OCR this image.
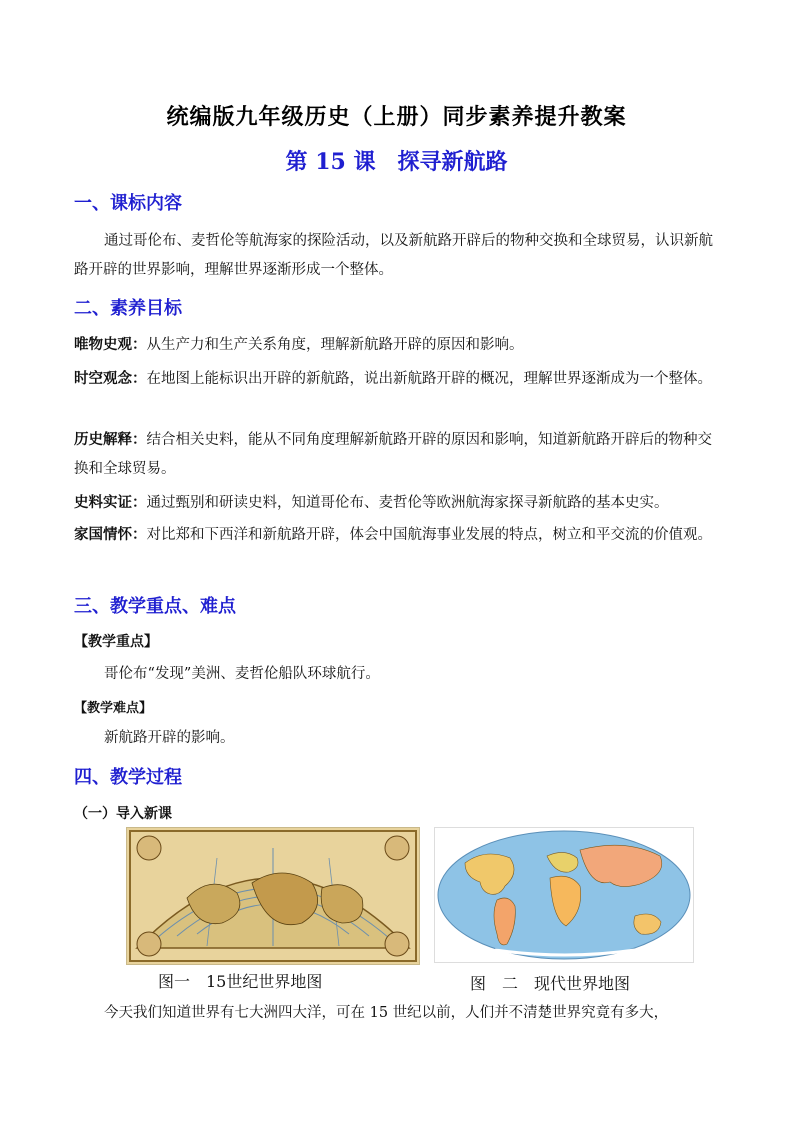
统编版九年级历史（上册）同步素养提升教案
第 15 课　探寻新航路
一、课标内容
通过哥伦布、麦哲伦等航海家的探险活动，以及新航路开辟后的物种交换和全球贸易，认识新航路开辟的世界影响，理解世界逐渐形成一个整体。
二、素养目标
唯物史观：从生产力和生产关系角度，理解新航路开辟的原因和影响。
时空观念：在地图上能标识出开辟的新航路，说出新航路开辟的概况，理解世界逐渐成为一个整体。
历史解释：结合相关史料，能从不同角度理解新航路开辟的原因和影响，知道新航路开辟后的物种交换和全球贸易。
史料实证：通过甄别和研读史料，知道哥伦布、麦哲伦等欧洲航海家探寻新航路的基本史实。
家国情怀：对比郑和下西洋和新航路开辟，体会中国航海事业发展的特点，树立和平交流的价值观。
三、教学重点、难点
【教学重点】
哥伦布“发现”美洲、麦哲伦船队环球航行。
【教学难点】
新航路开辟的影响。
四、教学过程
（一）导入新课
图一　15世纪世界地图	图　二　现代世界地图
今天我们知道世界有七大洲四大洋，可在 15 世纪以前，人们并不清楚世界究竟有多大，
